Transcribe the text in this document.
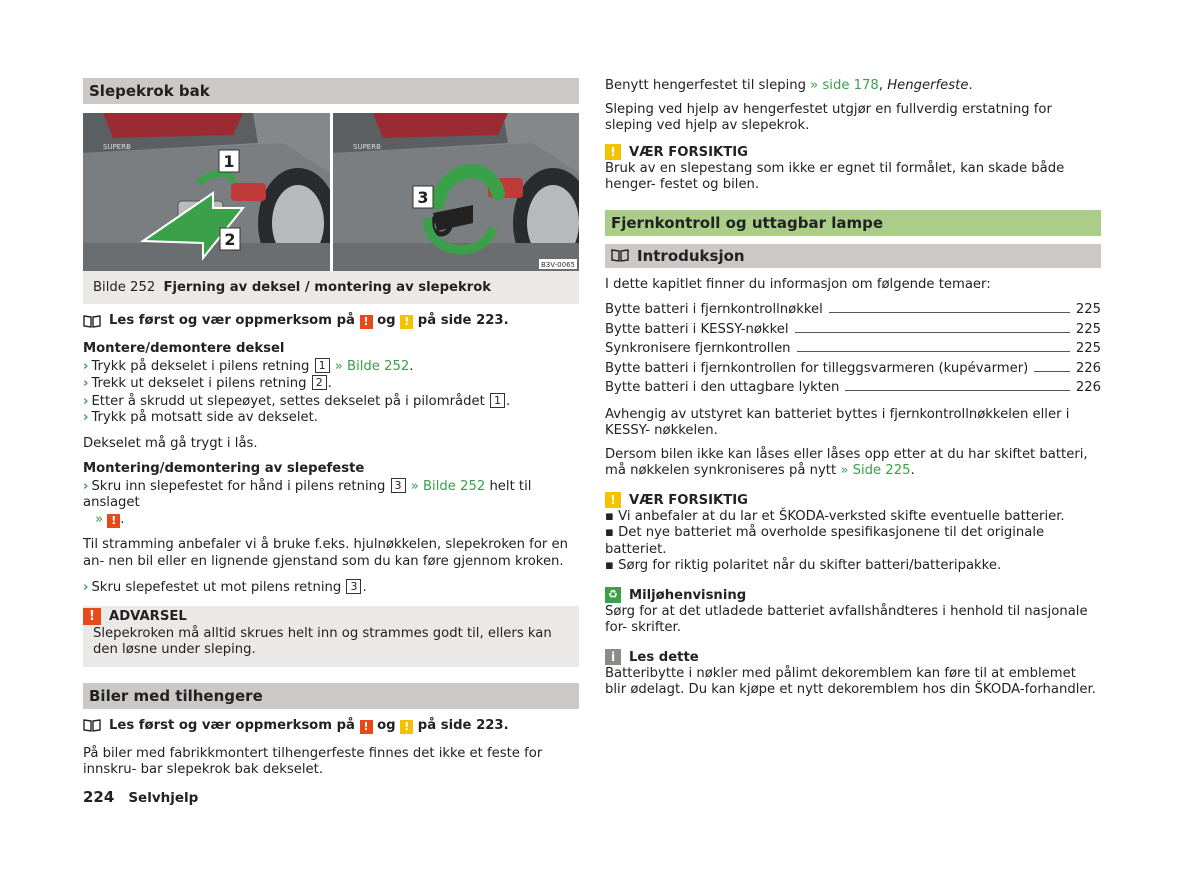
Slepekrok bak
1
2
SUPERB
3
SUPERB
B3V-0065
Bilde 252 Fjerning av deksel / montering av slepekrok
Les først og vær oppmerksom på ! og ! på side 223.

Montere/demontere deksel

› Trykk på dekselet i pilens retning 1 » Bilde 252.

› Trekk ut dekselet i pilens retning 2 .

› Etter å skrudd ut slepeøyet, settes dekselet på i pilområdet 1 .

› Trykk på motsatt side av dekselet.

Dekselet må gå trygt i lås.

Montering/demontering av slepefeste

› Skru inn slepefestet for hånd i pilens retning 3 » Bilde 252 helt til anslaget
» ! .

Til stramming anbefaler vi å bruke f.eks. hjulnøkkelen, slepekroken for en an- nen bil eller en lignende gjenstand som du kan føre gjennom kroken.

› Skru slepefestet ut mot pilens retning 3 .

!	ADVARSEL

Slepekroken må alltid skrues helt inn og strammes godt til, ellers kan den løsne under sleping.

Biler med tilhengere
Les først og vær oppmerksom på ! og ! på side 223.

På biler med fabrikkmontert tilhengerfeste finnes det ikke et feste for innskru- bar slepekrok bak dekselet.

Benytt hengerfestet til sleping » side 178, Hengerfeste.

Sleping ved hjelp av hengerfestet utgjør en fullverdig erstatning for sleping ved hjelp av slepekrok.

!	VÆR FORSIKTIG

Bruk av en slepestang som ikke er egnet til formålet, kan skade både henger- festet og bilen.

Fjernkontroll og uttagbar lampe
Introduksjon

I dette kapitlet finner du informasjon om følgende temaer:

Bytte batteri i fjernkontrollnøkkel	225
Bytte batteri i KESSY-nøkkel	225
Synkronisere fjernkontrollen	225
Bytte batteri i fjernkontrollen for tilleggsvarmeren (kupévarmer)	226
Bytte batteri i den uttagbare lykten	226

Avhengig av utstyret kan batteriet byttes i fjernkontrollnøkkelen eller i KESSY- nøkkelen.

Dersom bilen ikke kan låses eller låses opp etter at du har skiftet batteri, må nøkkelen synkroniseres på nytt » Side 225.

!	VÆR FORSIKTIG

▪ Vi anbefaler at du lar et ŠKODA-verksted skifte eventuelle batterier.

▪ Det nye batteriet må overholde spesifikasjonene til det originale batteriet.

▪ Sørg for riktig polaritet når du skifter batteri/batteripakke.

♻ Miljøhenvisning

Sørg for at det utladede batteriet avfallshåndteres i henhold til nasjonale for- skrifter.

i	Les dette

Batteribytte i nøkler med pålimt dekoremblem kan føre til at emblemet blir ødelagt. Du kan kjøpe et nytt dekoremblem hos din ŠKODA-forhandler.

224 Selvhjelp
